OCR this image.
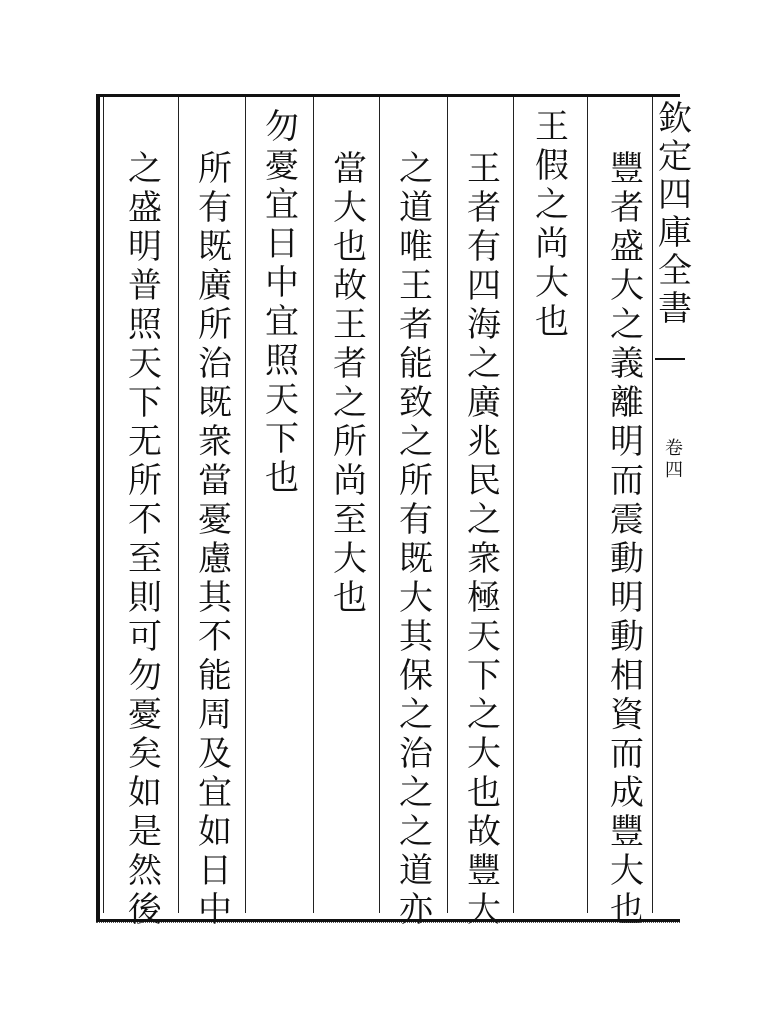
欽
定
四
庫
全
書
卷
四
豐
者
盛
大
之
義
離
明
而
震
動
明
動
相
資
而
成
豐
大
也
王
假
之
尚
大
也
王
者
有
四
海
之
廣
兆
民
之
衆
極
天
下
之
大
也
故
豐
大
之
道
唯
王
者
能
致
之
所
有
既
大
其
保
之
治
之
之
道
亦
當
大
也
故
王
者
之
所
尚
至
大
也
勿
憂
宜
日
中
宜
照
天
下
也
所
有
既
廣
所
治
既
衆
當
憂
慮
其
不
能
周
及
宜
如
日
中
之
盛
明
普
照
天
下
无
所
不
至
則
可
勿
憂
矣
如
是
然
後
